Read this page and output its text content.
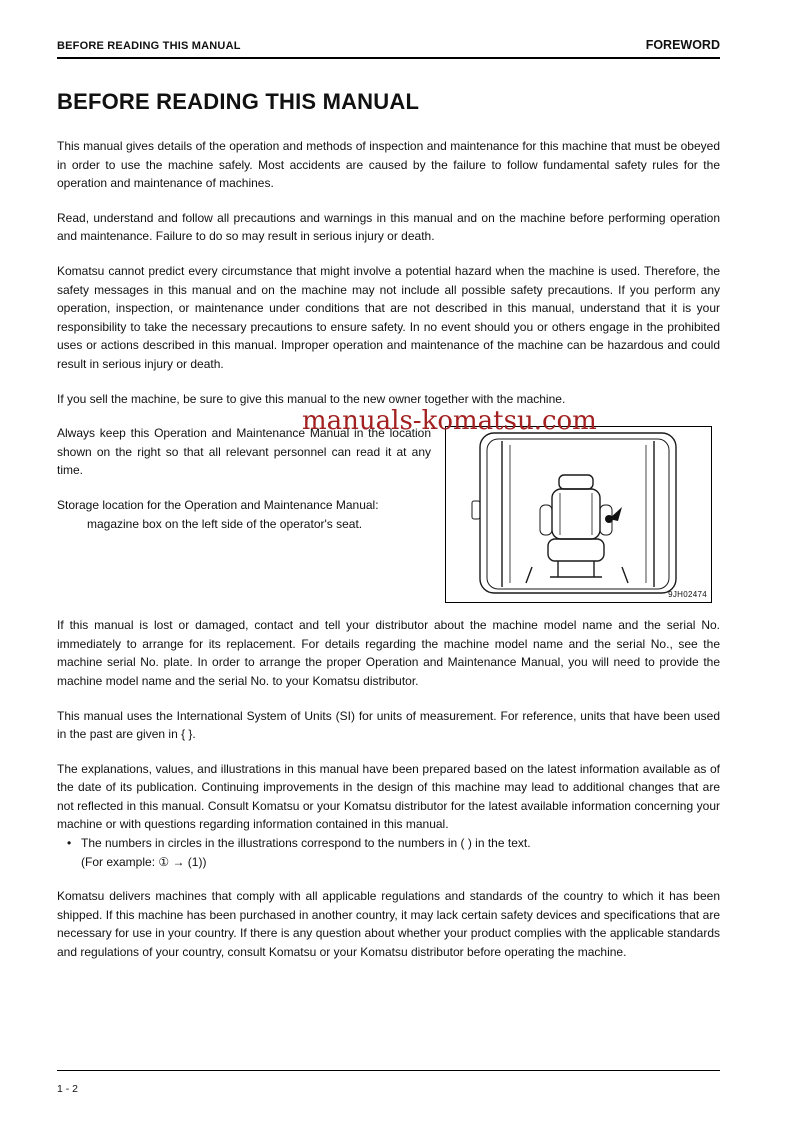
BEFORE READING THIS MANUAL	FOREWORD
BEFORE READING THIS MANUAL

This manual gives details of the operation and methods of inspection and maintenance for this machine that must be obeyed in order to use the machine safely. Most accidents are caused by the failure to follow fundamental safety rules for the operation and maintenance of machines.

Read, understand and follow all precautions and warnings in this manual and on the machine before performing operation and maintenance. Failure to do so may result in serious injury or death.

Komatsu cannot predict every circumstance that might involve a potential hazard when the machine is used. Therefore, the safety messages in this manual and on the machine may not include all possible safety precautions. If you perform any operation, inspection, or maintenance under conditions that are not described in this manual, understand that it is your responsibility to take the necessary precautions to ensure safety. In no event should you or others engage in the prohibited uses or actions described in this manual. Improper operation and maintenance of the machine can be hazardous and could result in serious injury or death.

If you sell the machine, be sure to give this manual to the new owner together with the machine.

9JH02474

Always keep this Operation and Maintenance Manual in the location shown on the right so that all relevant personnel can read it at any time.

Storage location for the Operation and Maintenance Manual:
magazine box on the left side of the operator's seat.

If this manual is lost or damaged, contact and tell your distributor about the machine model name and the serial No. immediately to arrange for its replacement. For details regarding the machine model name and the serial No., see the machine serial No. plate. In order to arrange the proper Operation and Maintenance Manual, you will need to provide the machine model name and the serial No. to your Komatsu distributor.

This manual uses the International System of Units (SI) for units of measurement. For reference, units that have been used in the past are given in { }.

The explanations, values, and illustrations in this manual have been prepared based on the latest information available as of the date of its publication. Continuing improvements in the design of this machine may lead to additional changes that are not reflected in this manual. Consult Komatsu or your Komatsu distributor for the latest available information concerning your machine or with questions regarding information contained in this manual.

• The numbers in circles in the illustrations correspond to the numbers in ( ) in the text.
(For example: ① → (1))

Komatsu delivers machines that comply with all applicable regulations and standards of the country to which it has been shipped. If this machine has been purchased in another country, it may lack certain safety devices and specifications that are necessary for use in your country. If there is any question about whether your product complies with the applicable standards and regulations of your country, consult Komatsu or your Komatsu distributor before operating the machine.

manuals-komatsu.com
1 - 2
